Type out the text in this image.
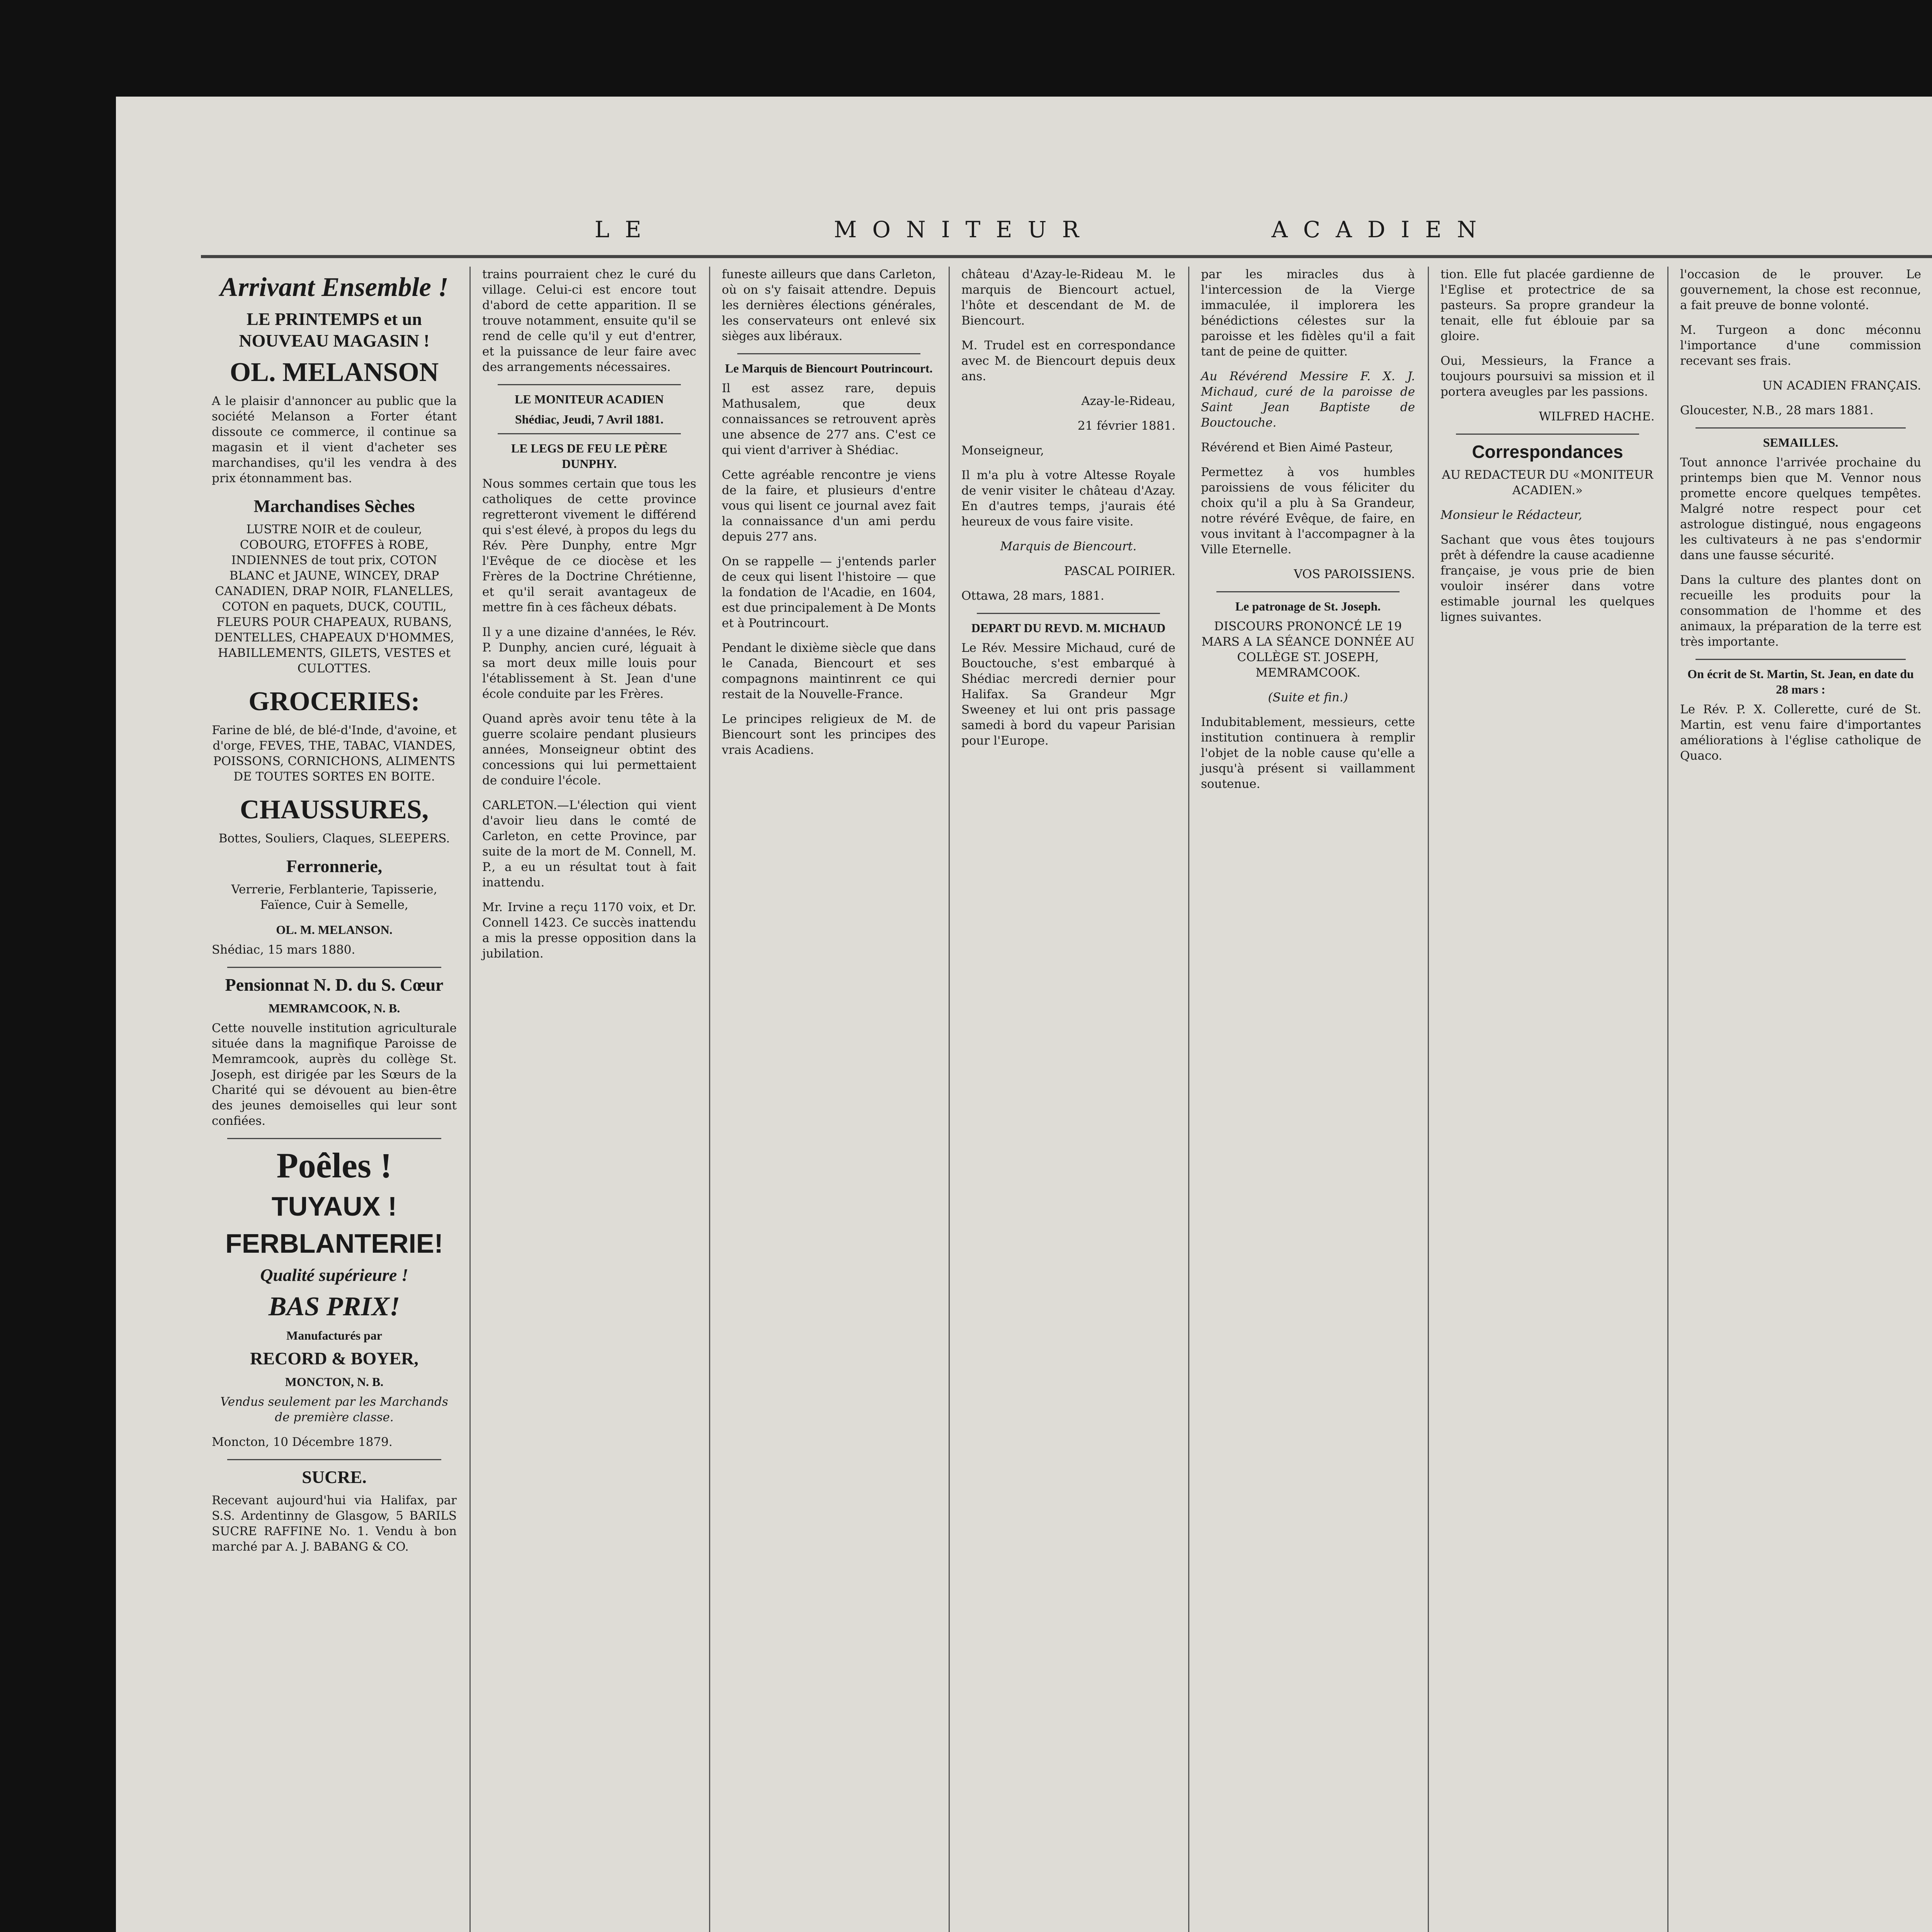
LE	MONITEUR	ACADIEN
Arrivant Ensemble !
LE PRINTEMPS et un NOUVEAU MAGASIN !
OL. MELANSON
A le plaisir d'annoncer au public que la société Melanson a Forter étant dissoute ce commerce, il continue sa magasin et il vient d'acheter ses marchandises, qu'il les vendra à des prix étonnamment bas.
Marchandises Sèches
LUSTRE NOIR et de couleur, COBOURG, ETOFFES à ROBE, INDIENNES de tout prix, COTON BLANC et JAUNE, WINCEY, DRAP CANADIEN, DRAP NOIR, FLANELLES, COTON en paquets, DUCK, COUTIL, FLEURS POUR CHAPEAUX, RUBANS, DENTELLES, CHAPEAUX D'HOMMES, HABILLEMENTS, GILETS, VESTES et CULOTTES.
GROCERIES:
Farine de blé, de blé-d'Inde, d'avoine, et d'orge, FEVES, THE, TABAC, VIANDES, POISSONS, CORNICHONS, ALIMENTS DE TOUTES SORTES EN BOITE.
CHAUSSURES,
Bottes, Souliers, Claques, SLEEPERS.
Ferronnerie,
Verrerie, Ferblanterie, Tapisserie, Faïence, Cuir à Semelle,
OL. M. MELANSON.
Shédiac, 15 mars 1880.
Pensionnat N. D. du S. Cœur
MEMRAMCOOK, N. B.
Cette nouvelle institution agriculturale située dans la magnifique Paroisse de Memramcook, auprès du collège St. Joseph, est dirigée par les Sœurs de la Charité qui se dévouent au bien-être des jeunes demoiselles qui leur sont confiées.
Poêles !
TUYAUX !
FERBLANTERIE!
Qualité supérieure !
BAS PRIX!
Manufacturés par
RECORD & BOYER,
MONCTON, N. B.
Vendus seulement par les Marchands de première classe.
Moncton, 10 Décembre 1879.
SUCRE.
Recevant aujourd'hui via Halifax, par S.S. Ardentinny de Glasgow, 5 BARILS SUCRE RAFFINE No. 1. Vendu à bon marché par A. J. BABANG & CO.
trains pourraient chez le curé du village. Celui-ci est encore tout d'abord de cette apparition. Il se trouve notamment, ensuite qu'il se rend de celle qu'il y eut d'entrer, et la puissance de leur faire avec des arrangements nécessaires.
LE MONITEUR ACADIEN
Shédiac, Jeudi, 7 Avril 1881.
LE LEGS DE FEU LE PÈRE DUNPHY.
Nous sommes certain que tous les catholiques de cette province regretteront vivement le différend qui s'est élevé, à propos du legs du Rév. Père Dunphy, entre Mgr l'Evêque de ce diocèse et les Frères de la Doctrine Chrétienne, et qu'il serait avantageux de mettre fin à ces fâcheux débats.
Il y a une dizaine d'années, le Rév. P. Dunphy, ancien curé, léguait à sa mort deux mille louis pour l'établissement à St. Jean d'une école conduite par les Frères.
Quand après avoir tenu tête à la guerre scolaire pendant plusieurs années, Monseigneur obtint des concessions qui lui permettaient de conduire l'école.
CARLETON.—L'élection qui vient d'avoir lieu dans le comté de Carleton, en cette Province, par suite de la mort de M. Connell, M. P., a eu un résultat tout à fait inattendu.
Mr. Irvine a reçu 1170 voix, et Dr. Connell 1423. Ce succès inattendu a mis la presse opposition dans la jubilation.
funeste ailleurs que dans Carleton, où on s'y faisait attendre. Depuis les dernières élections générales, les conservateurs ont enlevé six sièges aux libéraux.
Le Marquis de Biencourt Poutrincourt.
Il est assez rare, depuis Mathusalem, que deux connaissances se retrouvent après une absence de 277 ans. C'est ce qui vient d'arriver à Shédiac.
Cette agréable rencontre je viens de la faire, et plusieurs d'entre vous qui lisent ce journal avez fait la connaissance d'un ami perdu depuis 277 ans.
On se rappelle — j'entends parler de ceux qui lisent l'histoire — que la fondation de l'Acadie, en 1604, est due principalement à De Monts et à Poutrincourt.
Pendant le dixième siècle que dans le Canada, Biencourt et ses compagnons maintinrent ce qui restait de la Nouvelle-France.
Le principes religieux de M. de Biencourt sont les principes des vrais Acadiens.
château d'Azay-le-Rideau M. le marquis de Biencourt actuel, l'hôte et descendant de M. de Biencourt.
M. Trudel est en correspondance avec M. de Biencourt depuis deux ans.
Azay-le-Rideau,
21 février 1881.
Monseigneur,
Il m'a plu à votre Altesse Royale de venir visiter le château d'Azay. En d'autres temps, j'aurais été heureux de vous faire visite.
Marquis de Biencourt.
PASCAL POIRIER.
Ottawa, 28 mars, 1881.
DEPART DU REVD. M. MICHAUD
Le Rév. Messire Michaud, curé de Bouctouche, s'est embarqué à Shédiac mercredi dernier pour Halifax. Sa Grandeur Mgr Sweeney et lui ont pris passage samedi à bord du vapeur Parisian pour l'Europe.
par les miracles dus à l'intercession de la Vierge immaculée, il implorera les bénédictions célestes sur la paroisse et les fidèles qu'il a fait tant de peine de quitter.
Au Révérend Messire F. X. J. Michaud, curé de la paroisse de Saint Jean Baptiste de Bouctouche.
Révérend et Bien Aimé Pasteur,
Permettez à vos humbles paroissiens de vous féliciter du choix qu'il a plu à Sa Grandeur, notre révéré Evêque, de faire, en vous invitant à l'accompagner à la Ville Eternelle.
VOS PAROISSIENS.
Le patronage de St. Joseph.
DISCOURS PRONONCÉ LE 19 MARS A LA SÉANCE DONNÉE AU COLLÈGE ST. JOSEPH, MEMRAMCOOK.
(Suite et fin.)
Indubitablement, messieurs, cette institution continuera à remplir l'objet de la noble cause qu'elle a jusqu'à présent si vaillamment soutenue.
tion. Elle fut placée gardienne de l'Eglise et protectrice de sa pasteurs. Sa propre grandeur la tenait, elle fut éblouie par sa gloire.
Oui, Messieurs, la France a toujours poursuivi sa mission et il portera aveugles par les passions.
WILFRED HACHE.
Correspondances
AU REDACTEUR DU «MONITEUR ACADIEN.»
Monsieur le Rédacteur,
Sachant que vous êtes toujours prêt à défendre la cause acadienne française, je vous prie de bien vouloir insérer dans votre estimable journal les quelques lignes suivantes.
l'occasion de le prouver. Le gouvernement, la chose est reconnue, a fait preuve de bonne volonté.
M. Turgeon a donc méconnu l'importance d'une commission recevant ses frais.
UN ACADIEN FRANÇAIS.
Gloucester, N.B., 28 mars 1881.
SEMAILLES.
Tout annonce l'arrivée prochaine du printemps bien que M. Vennor nous promette encore quelques tempêtes. Malgré notre respect pour cet astrologue distingué, nous engageons les cultivateurs à ne pas s'endormir dans une fausse sécurité.
Dans la culture des plantes dont on recueille les produits pour la consommation de l'homme et des animaux, la préparation de la terre est très importante.
On écrit de St. Martin, St. Jean, en date du 28 mars :
Le Rév. P. X. Collerette, curé de St. Martin, est venu faire d'importantes améliorations à l'église catholique de Quaco.
